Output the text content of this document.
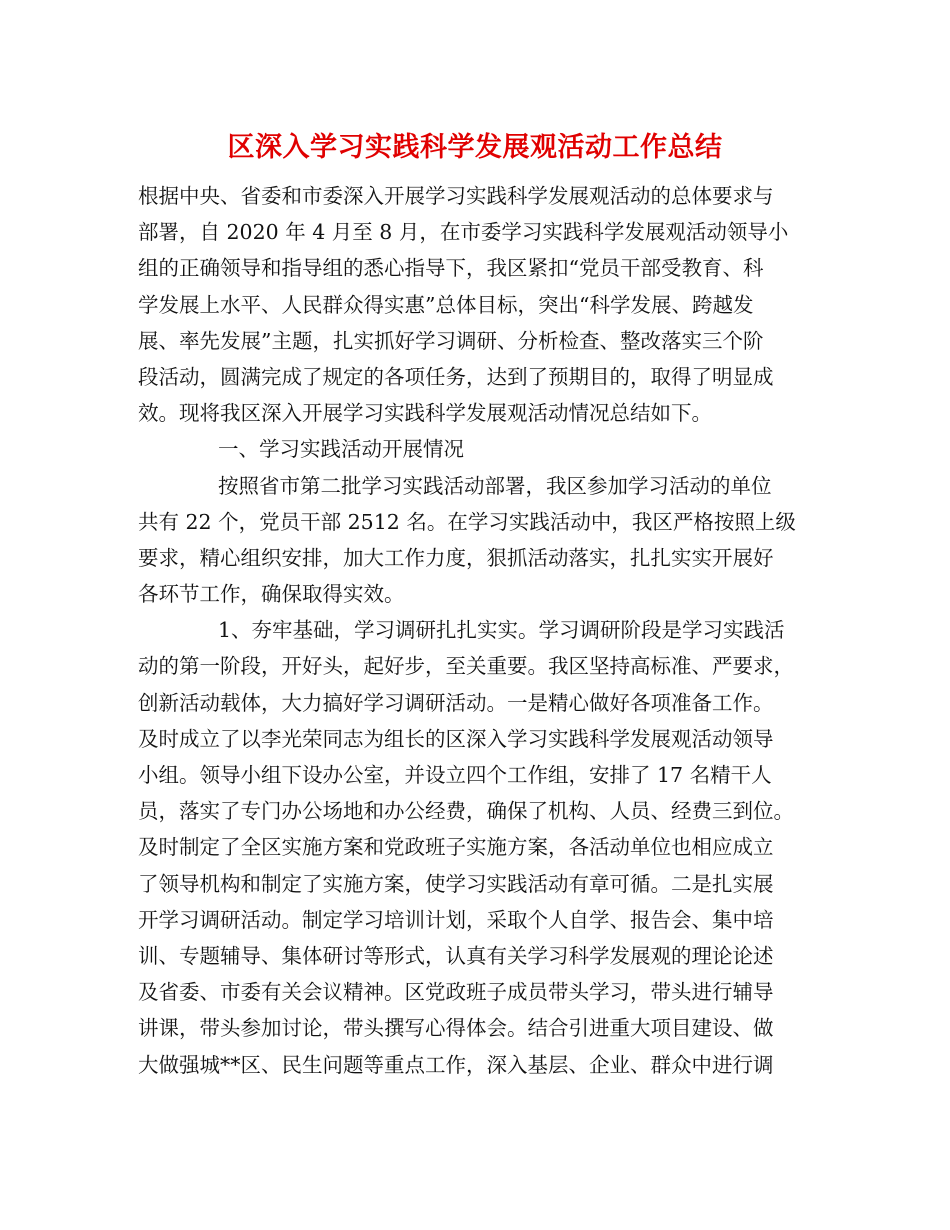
区深入学习实践科学发展观活动工作总结
根据中央、省委和市委深入开展学习实践科学发展观活动的总体要求与
部署，自 2020 年 4 月至 8 月，在市委学习实践科学发展观活动领导小
组的正确领导和指导组的悉心指导下，我区紧扣“党员干部受教育、科
学发展上水平、人民群众得实惠”总体目标，突出“科学发展、跨越发
展、率先发展”主题，扎实抓好学习调研、分析检查、整改落实三个阶
段活动，圆满完成了规定的各项任务，达到了预期目的，取得了明显成
效。现将我区深入开展学习实践科学发展观活动情况总结如下。
一、学习实践活动开展情况
按照省市第二批学习实践活动部署，我区参加学习活动的单位
共有 22 个，党员干部 2512 名。在学习实践活动中，我区严格按照上级
要求，精心组织安排，加大工作力度，狠抓活动落实，扎扎实实开展好
各环节工作，确保取得实效。
1、夯牢基础，学习调研扎扎实实。学习调研阶段是学习实践活
动的第一阶段，开好头，起好步，至关重要。我区坚持高标准、严要求，
创新活动载体，大力搞好学习调研活动。一是精心做好各项准备工作。
及时成立了以李光荣同志为组长的区深入学习实践科学发展观活动领导
小组。领导小组下设办公室，并设立四个工作组，安排了 17 名精干人
员，落实了专门办公场地和办公经费，确保了机构、人员、经费三到位。
及时制定了全区实施方案和党政班子实施方案，各活动单位也相应成立
了领导机构和制定了实施方案，使学习实践活动有章可循。二是扎实展
开学习调研活动。制定学习培训计划，采取个人自学、报告会、集中培
训、专题辅导、集体研讨等形式，认真有关学习科学发展观的理论论述
及省委、市委有关会议精神。区党政班子成员带头学习，带头进行辅导
讲课，带头参加讨论，带头撰写心得体会。结合引进重大项目建设、做
大做强城**区、民生问题等重点工作，深入基层、企业、群众中进行调
